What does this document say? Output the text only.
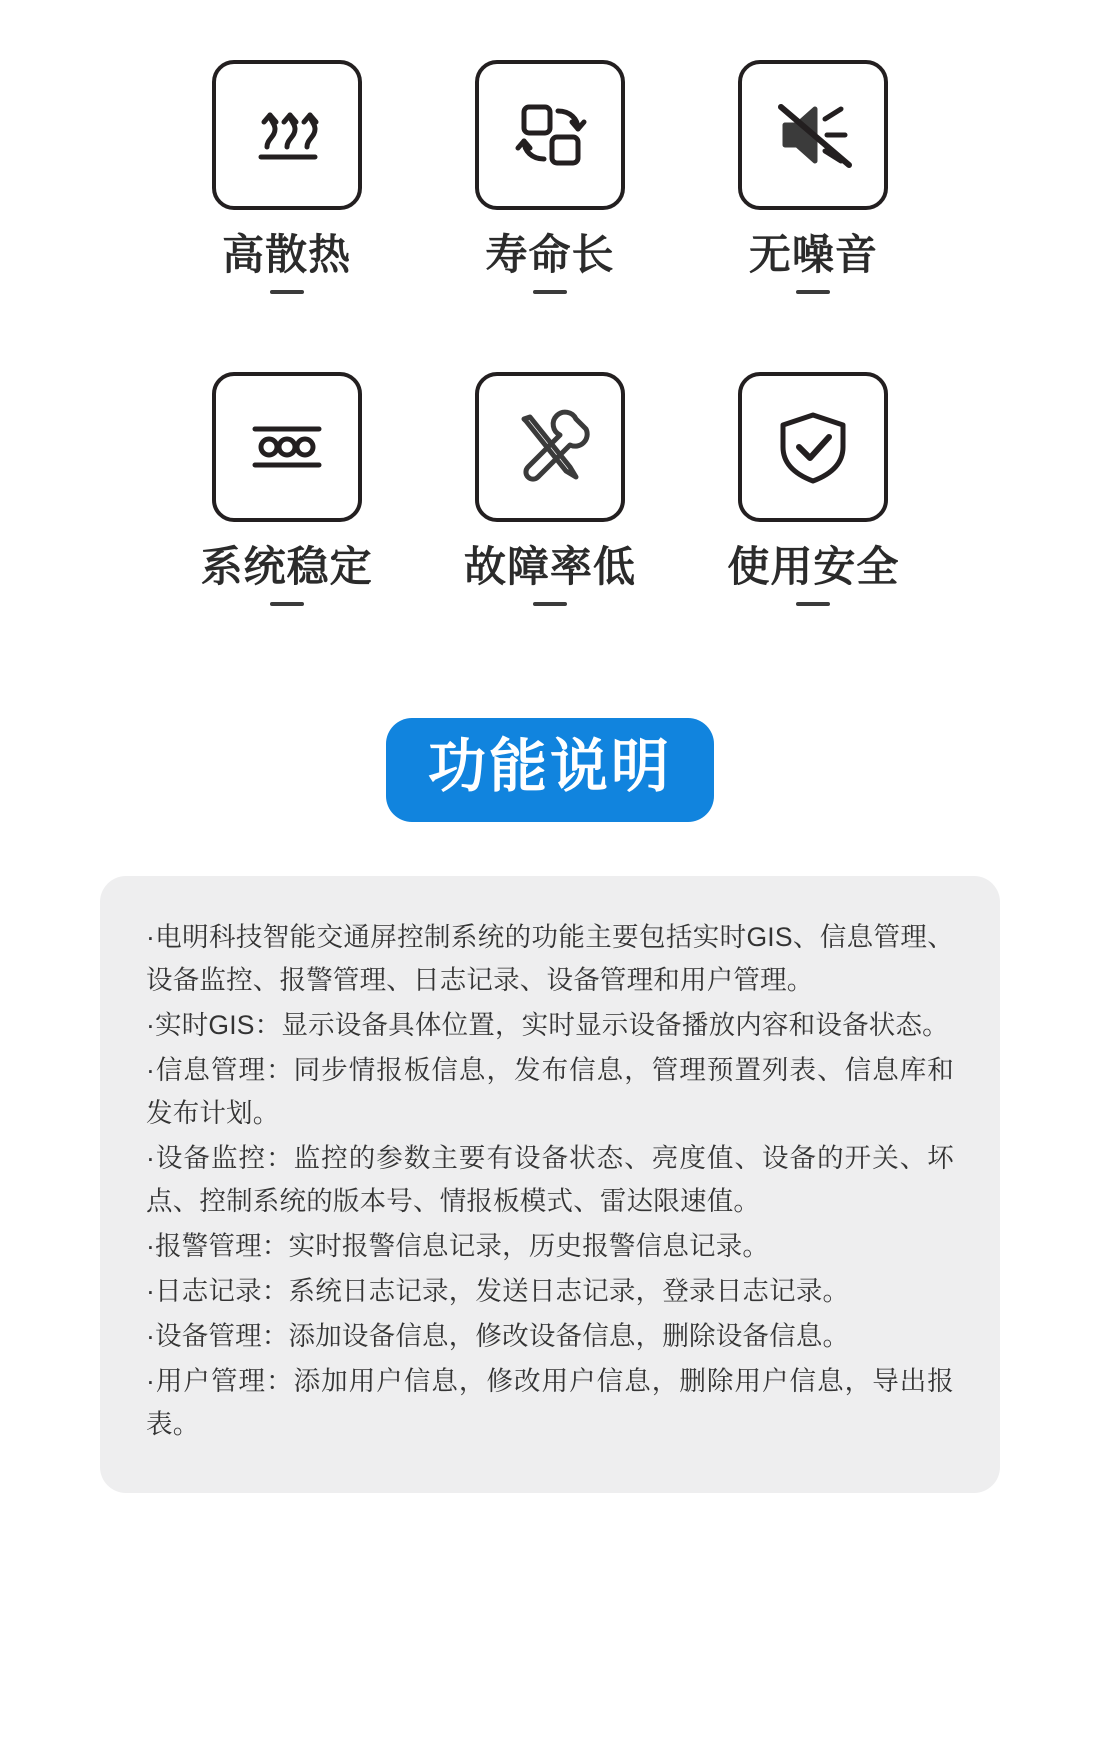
高散热	寿命长	无噪音
系统稳定 故障率低 使用安全
功能说明
·电明科技智能交通屏控制系统的功能主要包括实时GIS、信息管理、设备监控、报警管理、日志记录、设备管理和用户管理。
·实时GIS：显示设备具体位置，实时显示设备播放内容和设备状态。
·信息管理：同步情报板信息，发布信息，管理预置列表、信息库和发布计划。
·设备监控：监控的参数主要有设备状态、亮度值、设备的开关、坏点、控制系统的版本号、情报板模式、雷达限速值。
·报警管理：实时报警信息记录，历史报警信息记录。
·日志记录：系统日志记录，发送日志记录，登录日志记录。
·设备管理：添加设备信息，修改设备信息，删除设备信息。
·用户管理：添加用户信息，修改用户信息，删除用户信息，导出报表。
